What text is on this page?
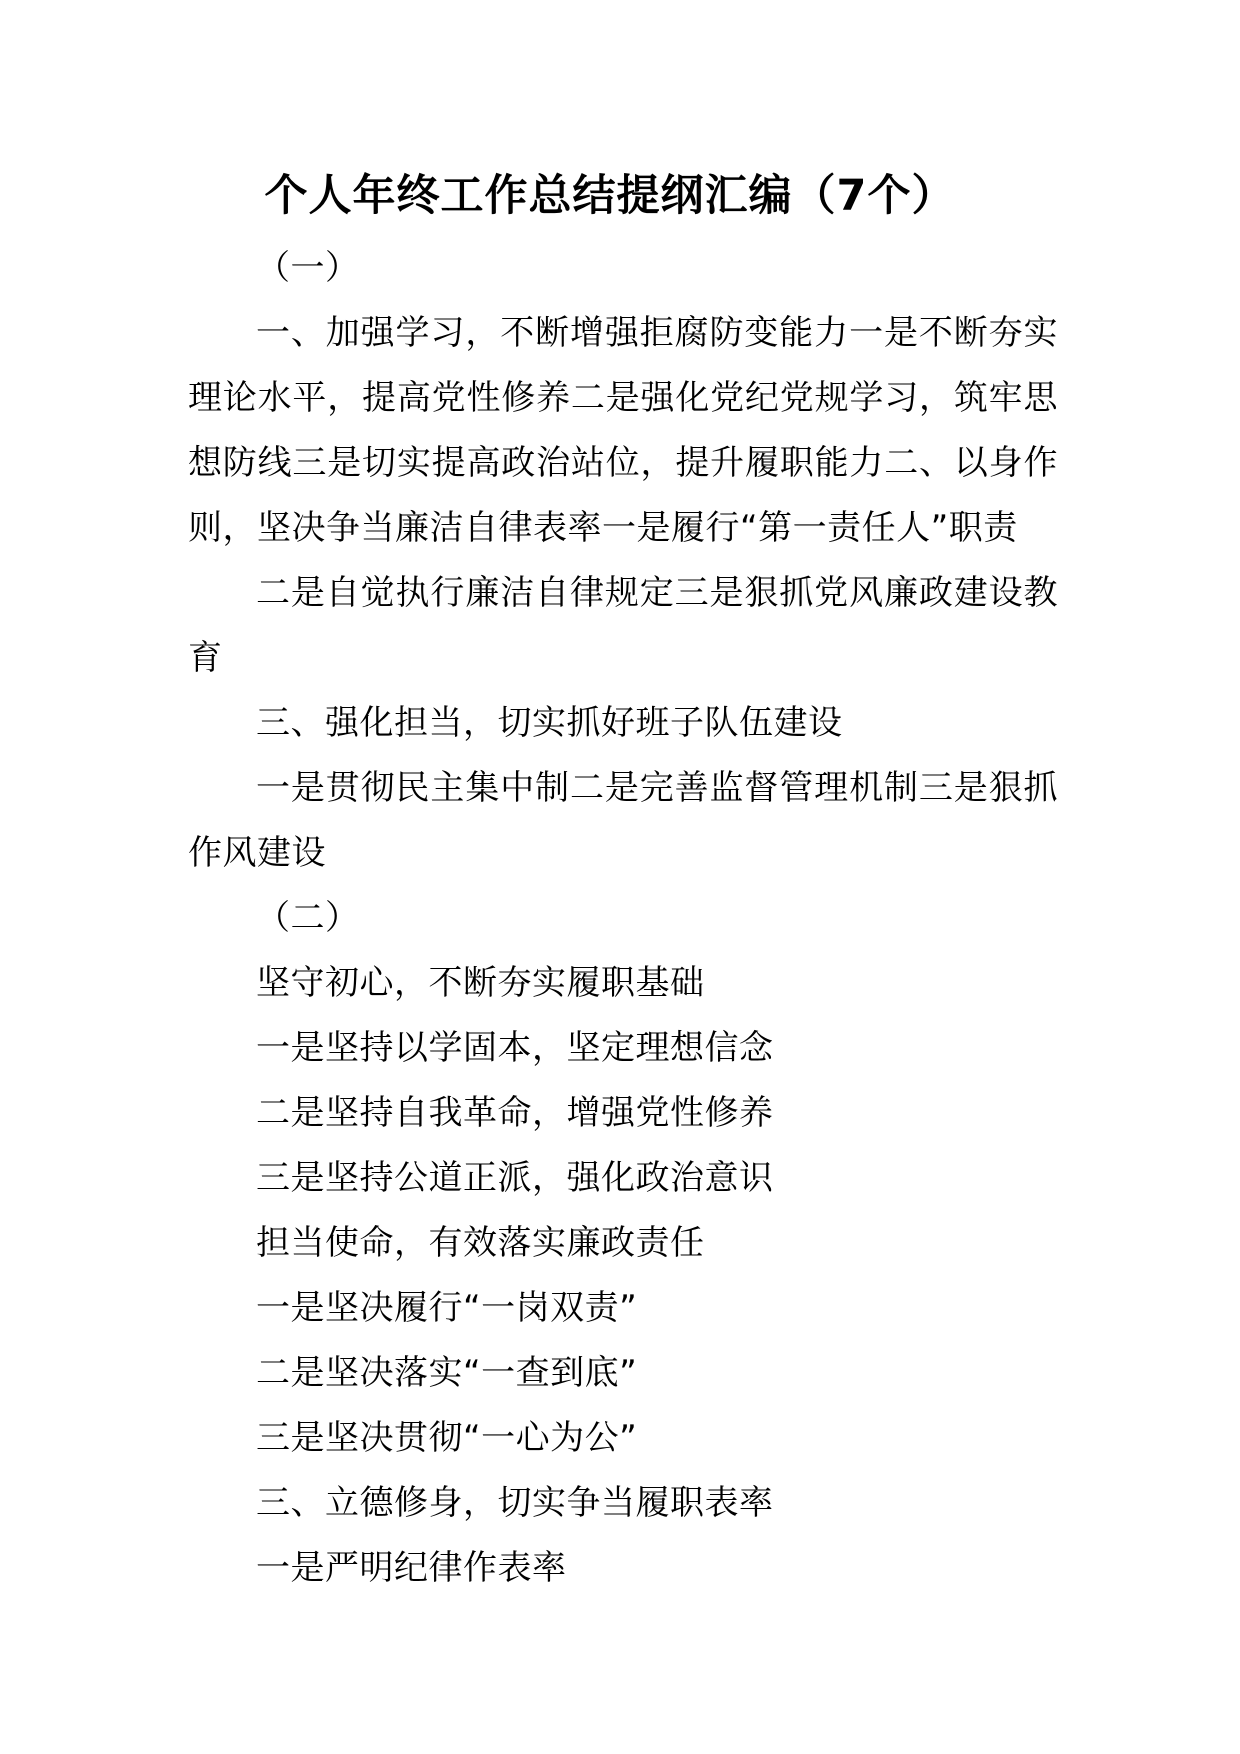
个人年终工作总结提纲汇编（7个）

（一）

一、加强学习，不断增强拒腐防变能力一是不断夯实理论水平，提高党性修养二是强化党纪党规学习，筑牢思想防线三是切实提高政治站位，提升履职能力二、以身作则，坚决争当廉洁自律表率一是履行“第一责任人”职责

二是自觉执行廉洁自律规定三是狠抓党风廉政建设教育

三、强化担当，切实抓好班子队伍建设

一是贯彻民主集中制二是完善监督管理机制三是狠抓作风建设

（二）

坚守初心，不断夯实履职基础

一是坚持以学固本，坚定理想信念

二是坚持自我革命，增强党性修养

三是坚持公道正派，强化政治意识

担当使命，有效落实廉政责任

一是坚决履行“一岗双责”

二是坚决落实“一查到底”

三是坚决贯彻“一心为公”

三、立德修身，切实争当履职表率

一是严明纪律作表率
